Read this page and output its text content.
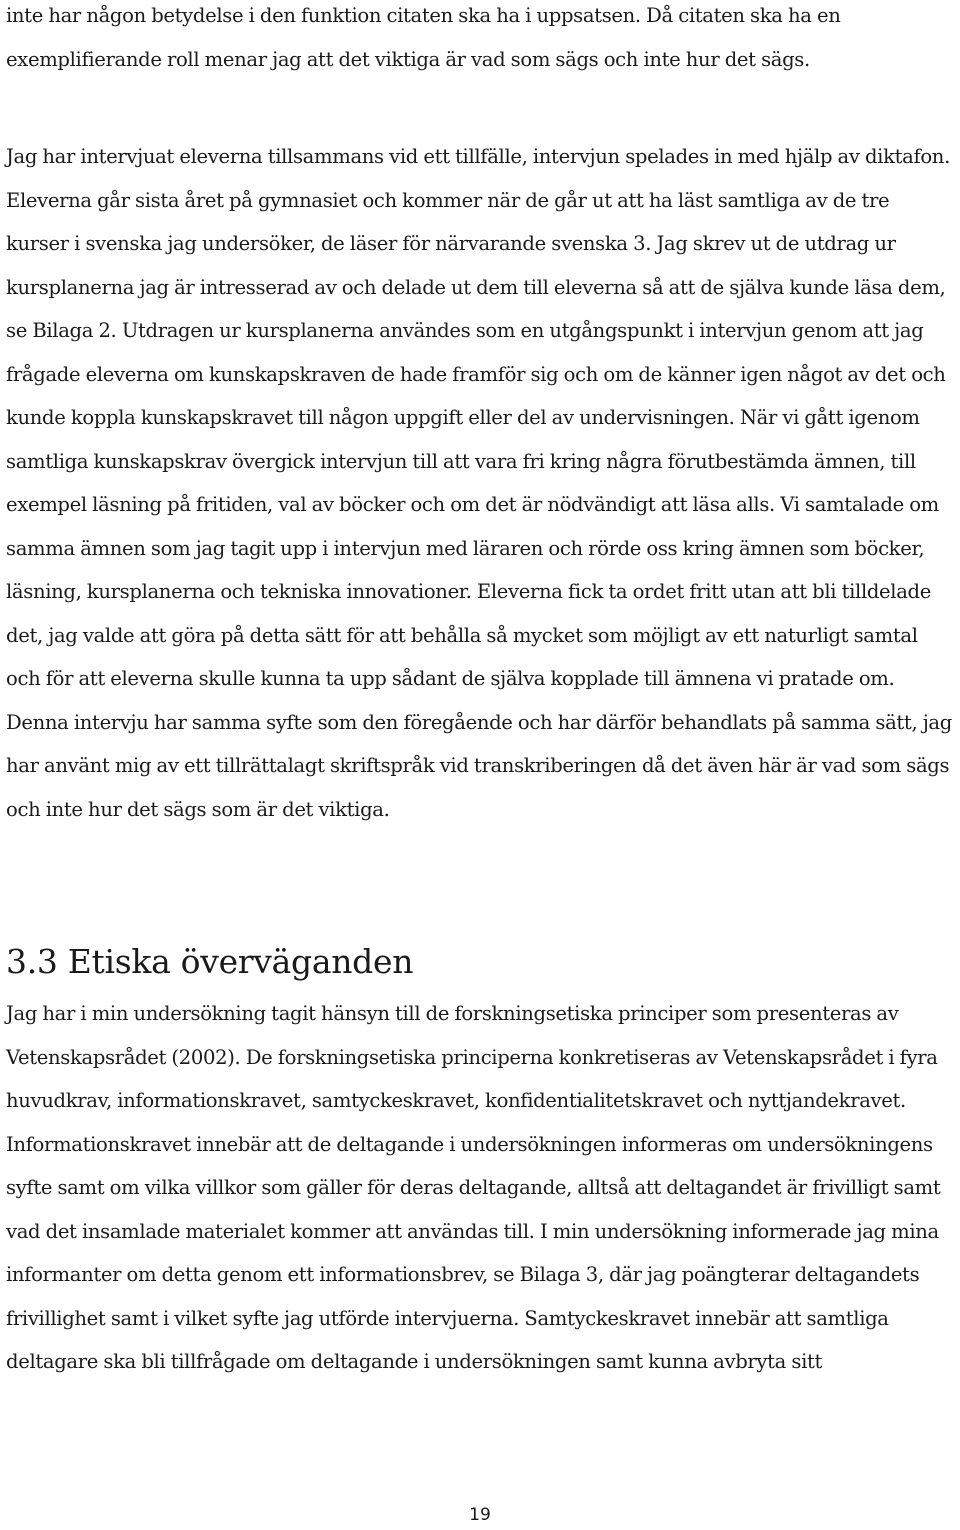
inte har någon betydelse i den funktion citaten ska ha i uppsatsen. Då citaten ska ha en exemplifierande roll menar jag att det viktiga är vad som sägs och inte hur det sägs.

Jag har intervjuat eleverna tillsammans vid ett tillfälle, intervjun spelades in med hjälp av diktafon. Eleverna går sista året på gymnasiet och kommer när de går ut att ha läst samtliga av de tre kurser i svenska jag undersöker, de läser för närvarande svenska 3. Jag skrev ut de utdrag ur kursplanerna jag är intresserad av och delade ut dem till eleverna så att de själva kunde läsa dem, se Bilaga 2. Utdragen ur kursplanerna användes som en utgångspunkt i intervjun genom att jag frågade eleverna om kunskapskraven de hade framför sig och om de känner igen något av det och kunde koppla kunskapskravet till någon uppgift eller del av undervisningen. När vi gått igenom samtliga kunskapskrav övergick intervjun till att vara fri kring några förutbestämda ämnen, till exempel läsning på fritiden, val av böcker och om det är nödvändigt att läsa alls. Vi samtalade om samma ämnen som jag tagit upp i intervjun med läraren och rörde oss kring ämnen som böcker, läsning, kursplanerna och tekniska innovationer. Eleverna fick ta ordet fritt utan att bli tilldelade det, jag valde att göra på detta sätt för att behålla så mycket som möjligt av ett naturligt samtal och för att eleverna skulle kunna ta upp sådant de själva kopplade till ämnena vi pratade om. Denna intervju har samma syfte som den föregående och har därför behandlats på samma sätt, jag har använt mig av ett tillrättalagt skriftspråk vid transkriberingen då det även här är vad som sägs och inte hur det sägs som är det viktiga.

3.3 Etiska överväganden

Jag har i min undersökning tagit hänsyn till de forskningsetiska principer som presenteras av Vetenskapsrådet (2002). De forskningsetiska principerna konkretiseras av Vetenskapsrådet i fyra huvudkrav, informationskravet, samtyckeskravet, konfidentialitetskravet och nyttjandekravet. Informationskravet innebär att de deltagande i undersökningen informeras om undersökningens syfte samt om vilka villkor som gäller för deras deltagande, alltså att deltagandet är frivilligt samt vad det insamlade materialet kommer att användas till. I min undersökning informerade jag mina informanter om detta genom ett informationsbrev, se Bilaga 3, där jag poängterar deltagandets frivillighet samt i vilket syfte jag utförde intervjuerna. Samtyckeskravet innebär att samtliga deltagare ska bli tillfrågade om deltagande i undersökningen samt kunna avbryta sitt

19
